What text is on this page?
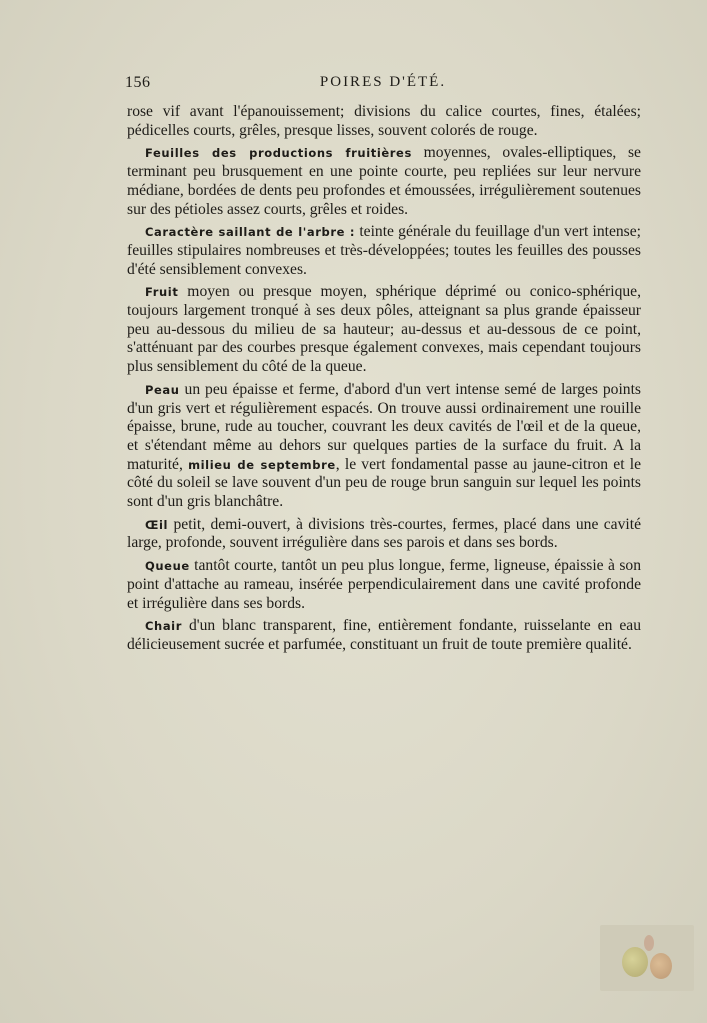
156	POIRES D'ÉTÉ.

rose vif avant l'épanouissement; divisions du calice courtes, fines, étalées; pédicelles courts, grêles, presque lisses, souvent colorés de rouge.

Feuilles des productions fruitières moyennes, ovales-elliptiques, se terminant peu brusquement en une pointe courte, peu repliées sur leur nervure médiane, bordées de dents peu profondes et émoussées, irrégulièrement soutenues sur des pétioles assez courts, grêles et roides.

Caractère saillant de l'arbre : teinte générale du feuillage d'un vert intense; feuilles stipulaires nombreuses et très-développées; toutes les feuilles des pousses d'été sensiblement convexes.

Fruit moyen ou presque moyen, sphérique déprimé ou conico-sphérique, toujours largement tronqué à ses deux pôles, atteignant sa plus grande épaisseur peu au-dessous du milieu de sa hauteur; au-dessus et au-dessous de ce point, s'atténuant par des courbes presque également convexes, mais cependant toujours plus sensiblement du côté de la queue.

Peau un peu épaisse et ferme, d'abord d'un vert intense semé de larges points d'un gris vert et régulièrement espacés. On trouve aussi ordinairement une rouille épaisse, brune, rude au toucher, couvrant les deux cavités de l'œil et de la queue, et s'étendant même au dehors sur quelques parties de la surface du fruit. A la maturité, milieu de septembre, le vert fondamental passe au jaune-citron et le côté du soleil se lave souvent d'un peu de rouge brun sanguin sur lequel les points sont d'un gris blanchâtre.

Œil petit, demi-ouvert, à divisions très-courtes, fermes, placé dans une cavité large, profonde, souvent irrégulière dans ses parois et dans ses bords.

Queue tantôt courte, tantôt un peu plus longue, ferme, ligneuse, épaissie à son point d'attache au rameau, insérée perpendiculairement dans une cavité profonde et irrégulière dans ses bords.

Chair d'un blanc transparent, fine, entièrement fondante, ruisselante en eau délicieusement sucrée et parfumée, constituant un fruit de toute première qualité.
